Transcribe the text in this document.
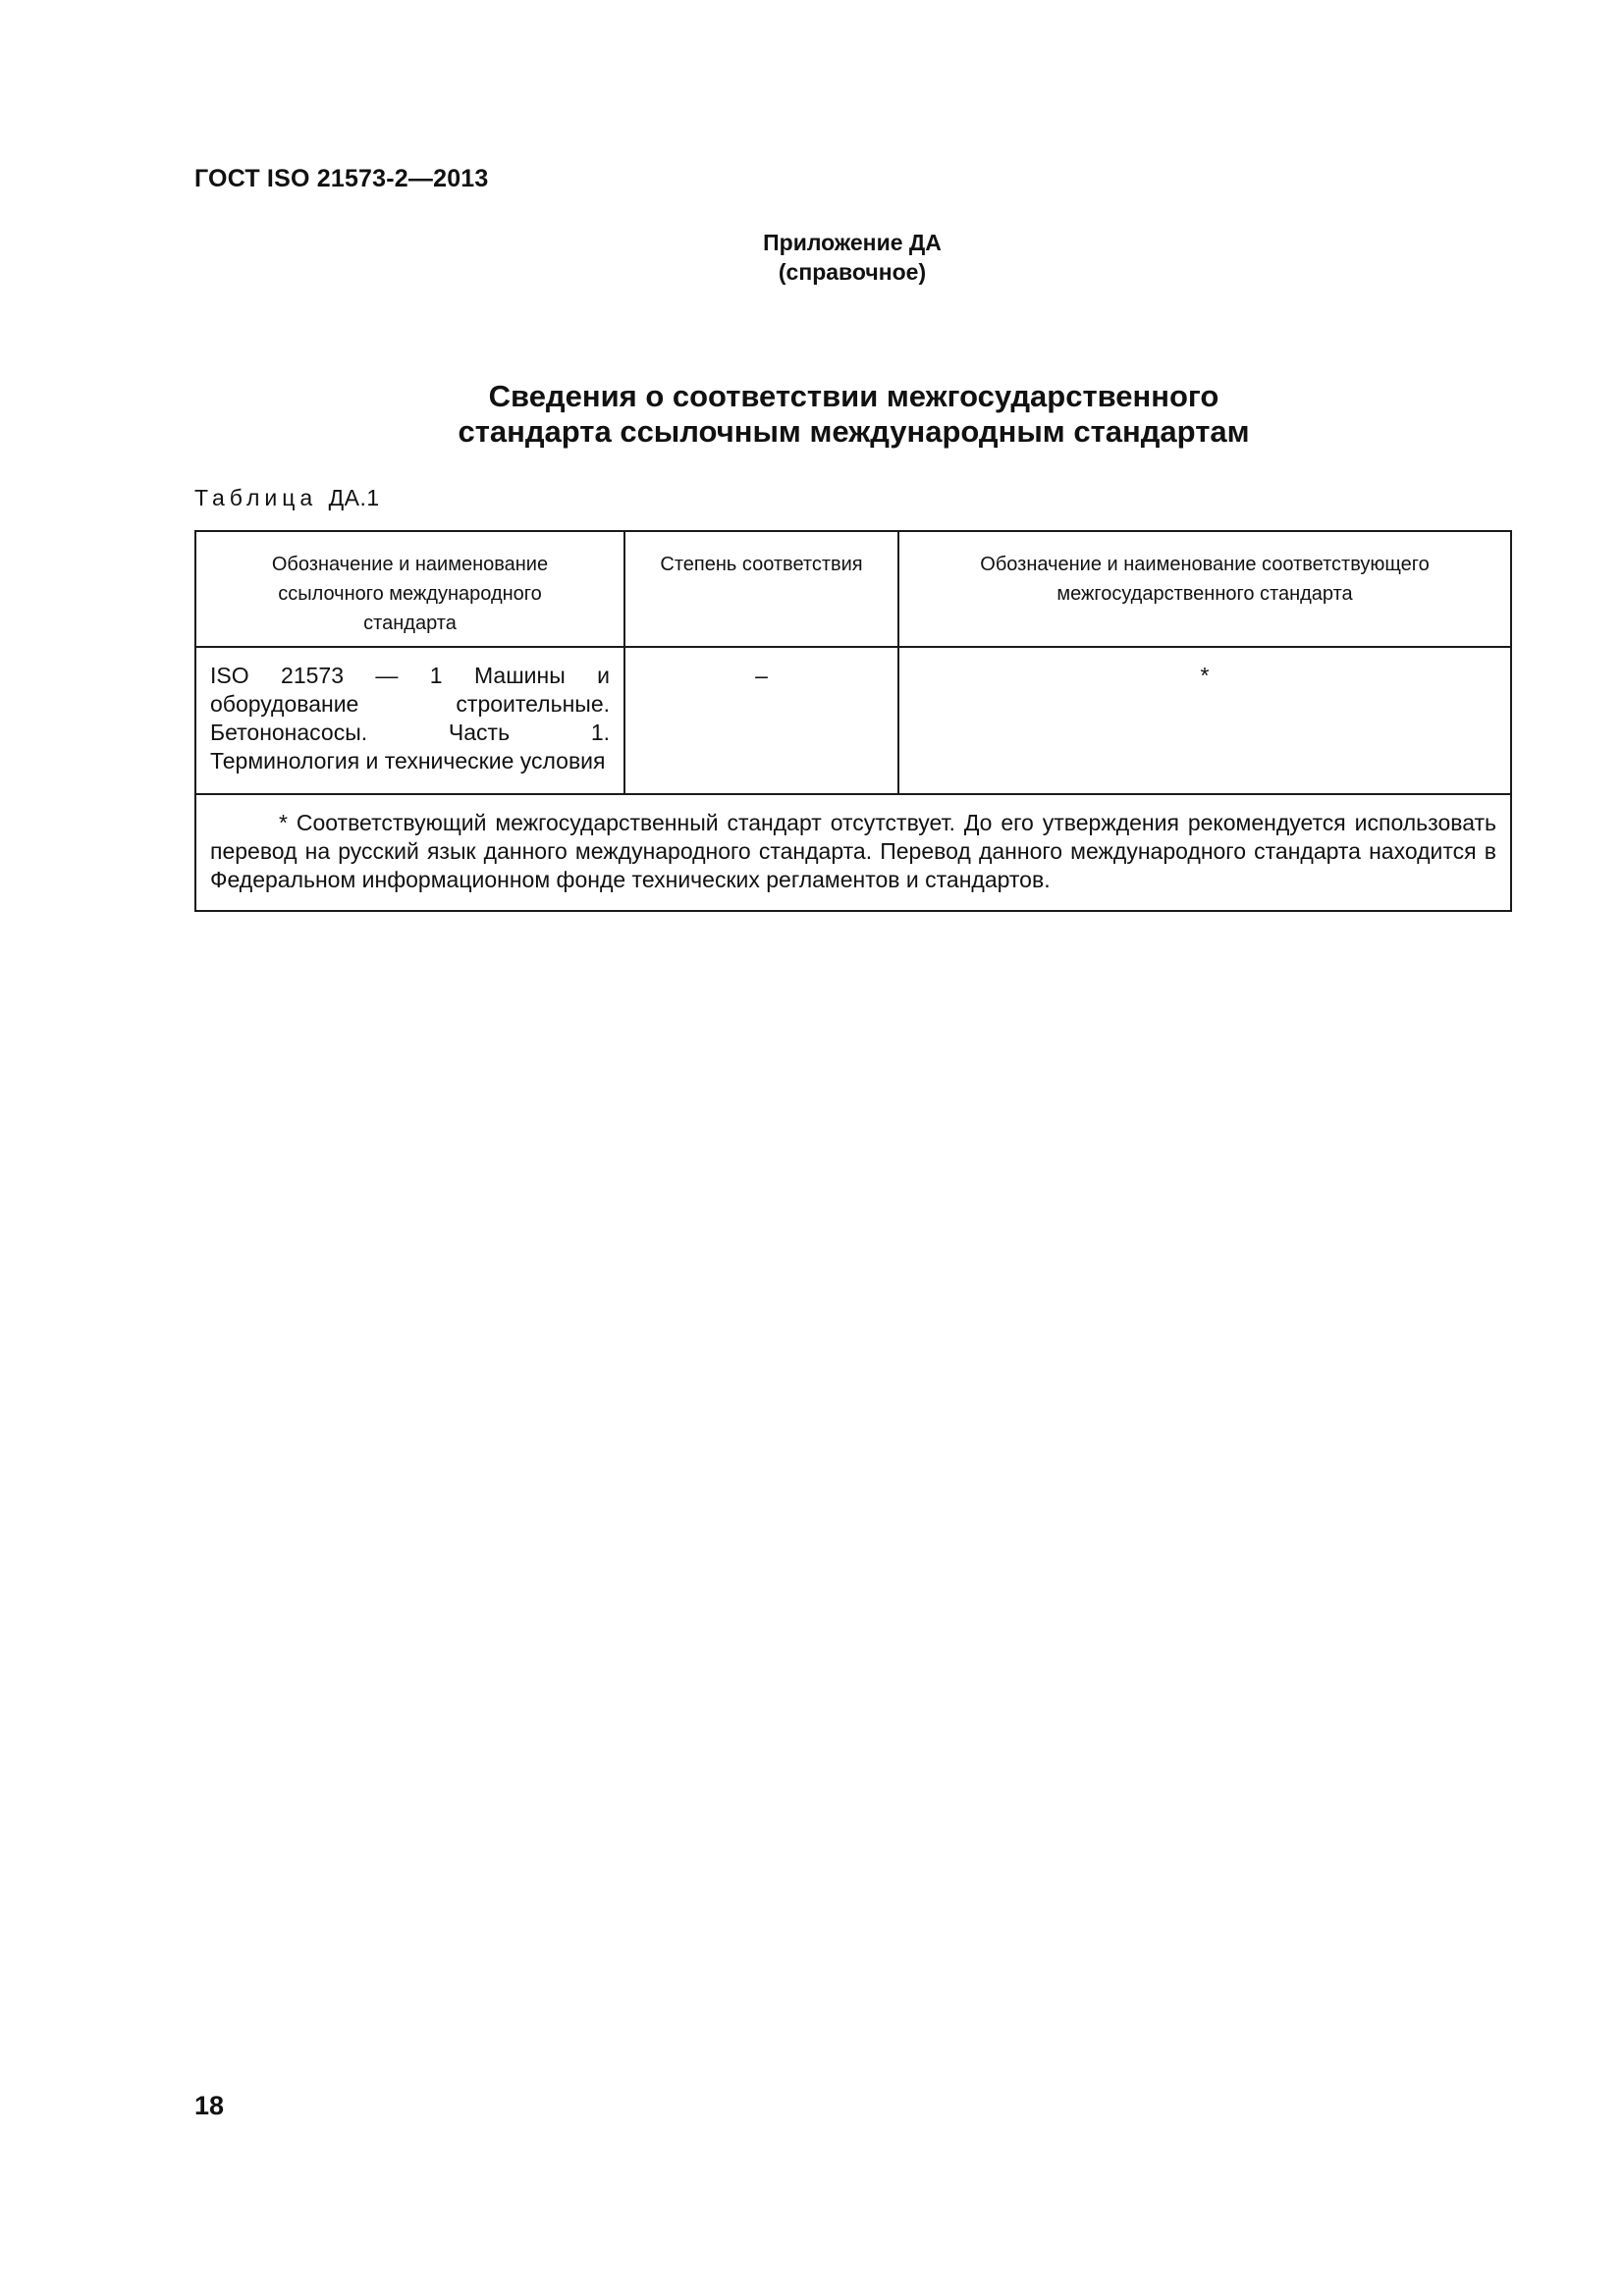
ГОСТ ISO 21573-2—2013
Приложение ДА
(справочное)
Сведения о соответствии межгосударственного
стандарта ссылочным международным стандартам
Таблица ДА.1
Обозначение и наименование ссылочного международного стандарта	Степень соответствия	Обозначение и наименование соответствующего межгосударственного стандарта
ISO 21573 — 1 Машины и оборудование строительные. Бетононасосы. Часть 1. Терминология и технические условия	–	*
* Соответствующий межгосударственный стандарт отсутствует. До его утверждения рекомендуется использовать перевод на русский язык данного международного стандарта. Перевод данного международного стандарта находится в Федеральном информационном фонде технических регламентов и стандартов.		
18
